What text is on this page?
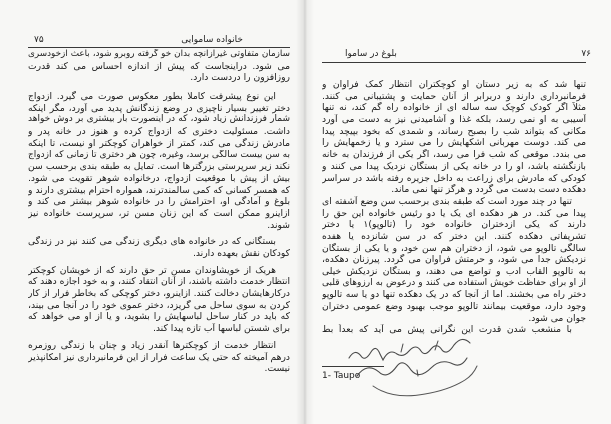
۷۵	خانواده ساموایی
سازمان متفاوتی غیرازآنچه بدان خو گرفته روبرو شود، باعث ازخودسری
می شود. دراینجاست که پیش از اندازه احساس می کند قدرت
روزافزون را دردست دارد.
این نوع پیشرفت کاملا بطور معکوس صورت می گیرد. ازدواج
دختر تغییر بسیار ناچیزی در وضع زندگانش پدید می آورد، مگر اینکه
شمار فرزندانش زیاد شود، که در اینصورت بار بیشتری بر دوش خواهد
داشت. مسئولیت دختری که ازدواج کرده و هنوز در خانه پدر و
مادرش زندگی می کند، کمتر از خواهران کوچکتر او نیست، تا اینکه
به سن بیست سالگی برسد، وغیره، چون هر دختری تا زمانی که ازدواج
نکند زیر سرپرستی بزرگترها است. تمایل به طبقه بندی برحسب سن
بیش از پیش با موقعیت ازدواج، درخانواده شوهر تقویت می شود.
که همسر کسانی که کمی سالمندترند، همواره احترام بیشتری دارند و
بلوغ و آمادگی او، احترامش را در خانواده شوهر بیشتر می کند و
ازاینرو ممکن است که این زنان مسن تر، سرپرست خانواده نیز
شوند.
بستگانی که در خانواده های دیگری زندگی می کنند نیز در زندگی
کودکان نقش بعهده دارند.
هریک از خویشاوندان مسن تر حق دارند که از خویشان کوچکتر
انتظار خدمت داشته باشند، از آنان انتقاد کنند، و به خود اجازه دهند که
درکارهایشان دخالت کنند. ازاینرو، دختر کوچکی که بخاطر فرار از کار
کردن به سوی ساحل می گریزد، دختر عموی خود را در آنجا می بیند،
که باید در کنار ساحل لباسهایش را بشوید، و یا از او می خواهد که
برای شستن لباسها آب تازه پیدا کند.
انتظار خدمت از کوچکترها آنقدر زیاد و چنان با زندگی روزمره
درهم آمیخته که حتی یک ساعت فرار از این فرمانبرداری نیز امکانپذیر
نیست.
۷۶
بلوغ در ساموا
تنها شد که به زیر دستان او کوچکتران انتظار کمک فراوان و
فرمانبرداری دارند و دربرابر از آنان حمایت و پشتیبانی می کنند.
مثلاً اگر کودک کوچک سه ساله ای از خانواده راه گم کند، نه تنها
آسیبی به او نمی رسد، بلکه غذا و آشامیدنی نیز به دست می آورد
مکانی که بتواند شب را بصبح رساند، و شمدی که بخود بپیچد پیدا
می کند. دوست مهربانی اشکهایش را می سترد و یا زخمهایش را
می بندد. موقعی که شب فرا می رسد، اگر یکی از فرزندان به خانه
بازنگشته باشد، او را در خانه یکی از بستگان نزدیک پیدا می کنند و
کودکی که مادرش برای زراعت به داخل جزیره رفته باشد در سراسر
دهکده دست بدست می گردد و هرگز تنها نمی ماند.
تنها در چند مورد است که طبقه بندی برحسب سن وضع آشفته ای
پیدا می کند. در هر دهکده ای یک یا دو رئیس خانواده این حق را
دارند که یکی ازدختران خانواده خود را (تالوپو)۱ یا دختر
تشریفاتی دهکده کنند. این دختر که در سن شانزده یا هفده
سالگی تالوپو می شود، از دختران هم سن خود، و یا یکی از بستگان
نزدیکش جدا می شود، و حرمتش فراوان می گردد. پیرزنان دهکده،
به تالوپو القاب ادب و تواضع می دهند، و بستگان نزدیکش خیلی
از او برای حفاظت خویش استفاده می کنند و درعوض به آرزوهای قلبی
دختر راه می بخشند. اما از آنجا که در یک دهکده تنها دو یا سه تالوپو
وجود دارد، موقعیت بیمانند تالوپو موجب بهبود وضع عمومی دختران
جوان می شود.
با منشعب شدن قدرت این نگرانی پیش می آید که بعداً بط
1- Taupo
